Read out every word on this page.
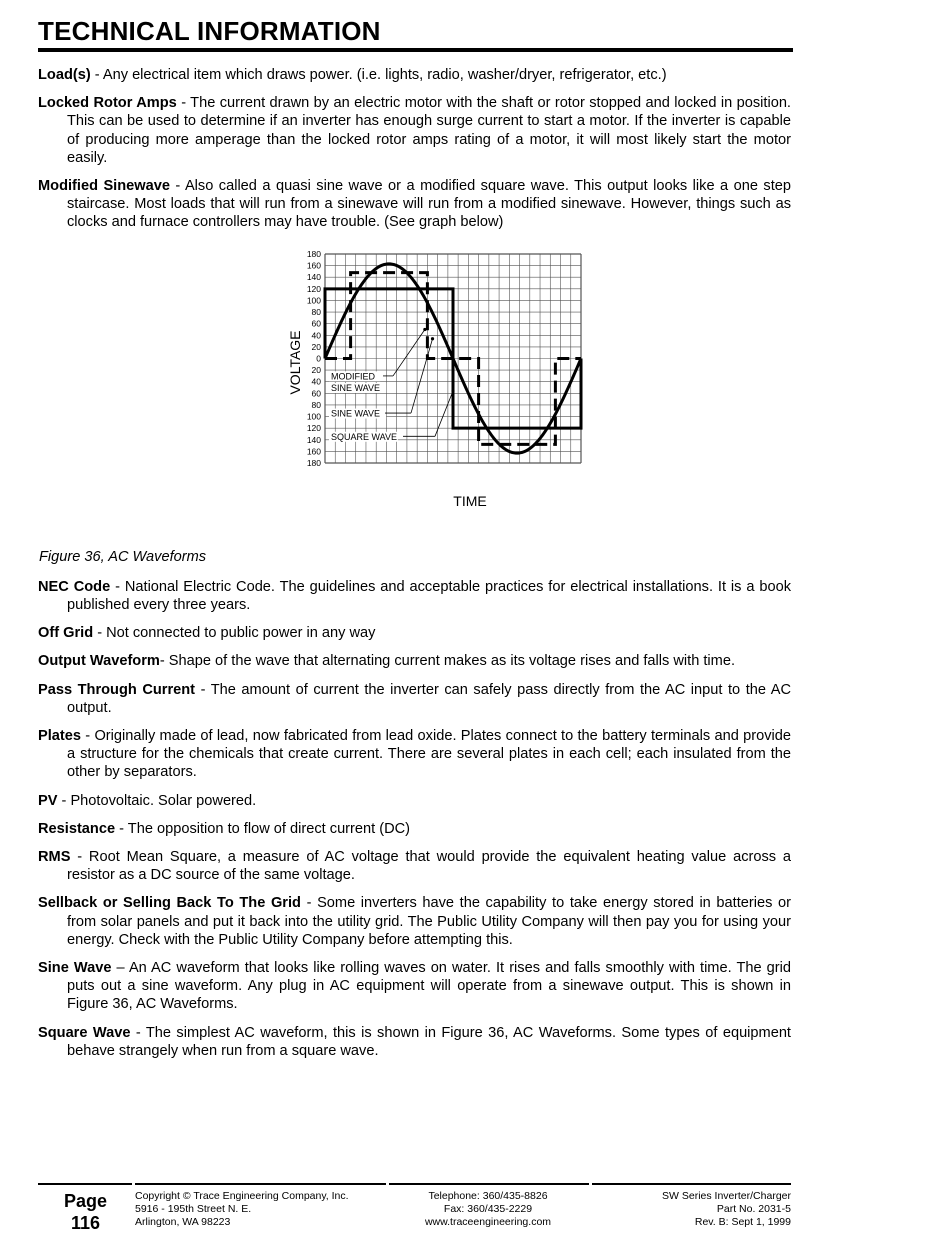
TECHNICAL INFORMATION

Load(s) - Any electrical item which draws power. (i.e. lights, radio, washer/dryer, refrigerator, etc.)

Locked Rotor Amps - The current drawn by an electric motor with the shaft or rotor stopped and locked in position. This can be used to determine if an inverter has enough surge current to start a motor. If the inverter is capable of producing more amperage than the locked rotor amps rating of a motor, it will most likely start the motor easily.

Modified Sinewave - Also called a quasi sine wave or a modified square wave. This output looks like a one step staircase. Most loads that will run from a sinewave will run from a modified sinewave. However, things such as clocks and furnace controllers may have trouble. (See graph below)

180
160
140
120
100
80
60
40
20
0
20
40
60
80
100
120
140
160
180
MODIFIED
SINE WAVE
SINE WAVE
SQUARE WAVE
VOLTAGE
TIME
Figure 36, AC Waveforms

NEC Code - National Electric Code. The guidelines and acceptable practices for electrical installations. It is a book published every three years.

Off Grid - Not connected to public power in any way

Output Waveform- Shape of the wave that alternating current makes as its voltage rises and falls with time.

Pass Through Current - The amount of current the inverter can safely pass directly from the AC input to the AC output.

Plates - Originally made of lead, now fabricated from lead oxide. Plates connect to the battery terminals and provide a structure for the chemicals that create current. There are several plates in each cell; each insulated from the other by separators.

PV - Photovoltaic. Solar powered.

Resistance - The opposition to flow of direct current (DC)

RMS - Root Mean Square, a measure of AC voltage that would provide the equivalent heating value across a resistor as a DC source of the same voltage.

Sellback or Selling Back To The Grid - Some inverters have the capability to take energy stored in batteries or from solar panels and put it back into the utility grid. The Public Utility Company will then pay you for using your energy. Check with the Public Utility Company before attempting this.

Sine Wave – An AC waveform that looks like rolling waves on water. It rises and falls smoothly with time. The grid puts out a sine waveform. Any plug in AC equipment will operate from a sinewave output. This is shown in Figure 36, AC Waveforms.

Square Wave - The simplest AC waveform, this is shown in Figure 36, AC Waveforms. Some types of equipment behave strangely when run from a square wave.

Page
116
Copyright © Trace Engineering Company, Inc.
5916 - 195th Street N. E.
Arlington, WA 98223
Telephone: 360/435-8826
Fax: 360/435-2229
www.traceengineering.com
SW Series Inverter/Charger
Part No. 2031-5
Rev. B: Sept 1, 1999
